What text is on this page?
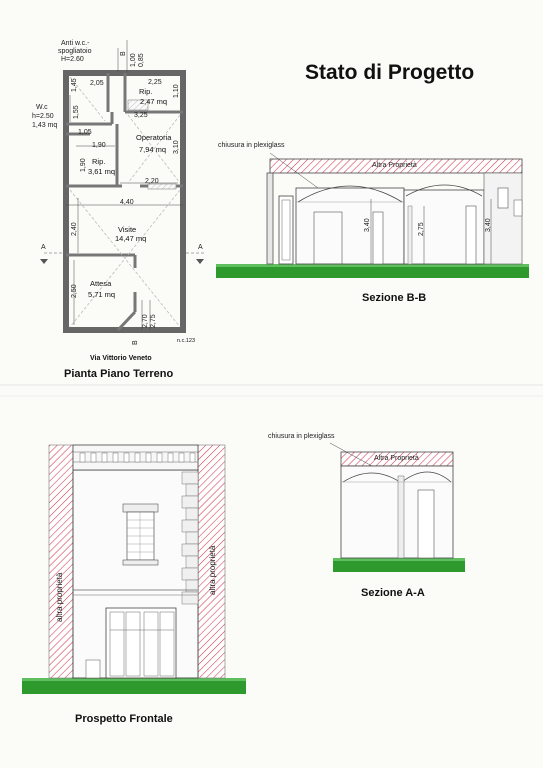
Stato di Progetto
Anti w.c.-
spogliatoio
H=2.60
W.c
h=2.50
1,43 mq
Rip.
2,47 mq
Operatoria
7,94 mq
Rip.
3,61 mq
Visite
14,47 mq
Attesa
5,71 mq
2,05	2,25
1,00 0,85
1,10
1,45
1,55
1,05
3,25
1,90
1,90
3,10
2,20
4,40
2,40
2,50
2,70 2,75
A	A
B
B	n.c.123
Via Vittorio Veneto
Pianta Piano Terreno
chiusura in plexiglass
Altra Proprietà
3,40	2,75	3,40
Sezione B-B
altra proprietà
altra proprietà
Prospetto Frontale
chiusura in plexiglass
Altra Proprietà
Sezione A-A
